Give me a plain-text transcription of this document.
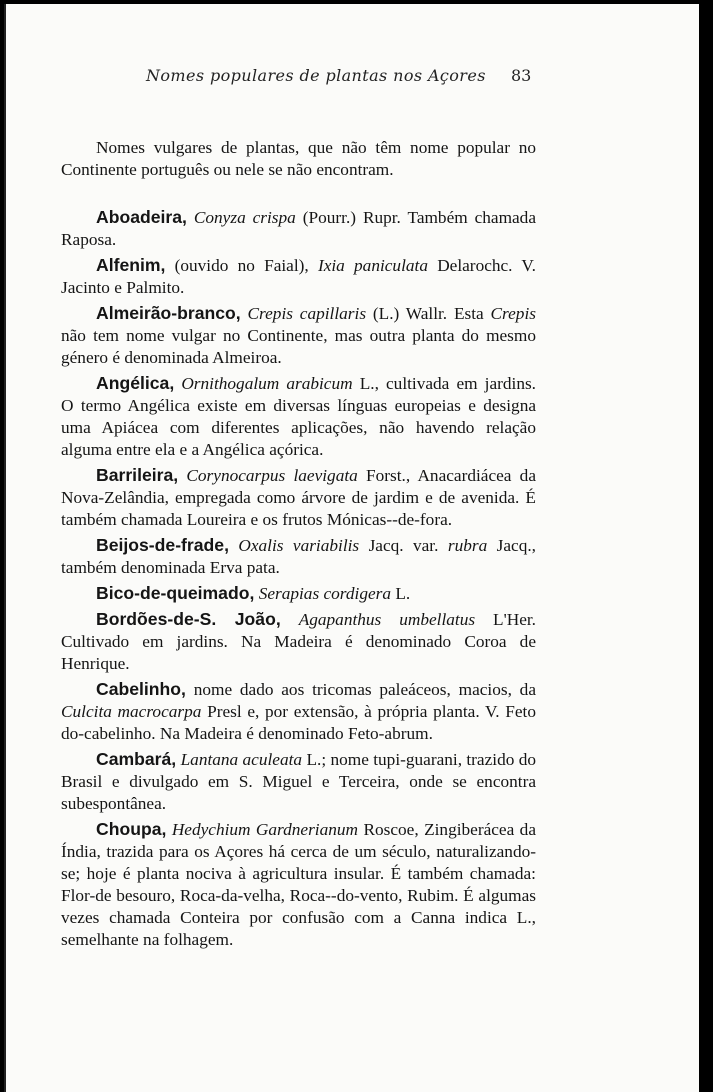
Nomes populares de plantas nos Açores	83

Nomes vulgares de plantas, que não têm nome popular no Continente português ou nele se não encontram.

Aboadeira, Conyza crispa (Pourr.) Rupr. Também chamada Raposa.

Alfenim, (ouvido no Faial), Ixia paniculata Delarochc. V. Jacinto e Palmito.

Almeirão-branco, Crepis capillaris (L.) Wallr. Esta Crepis não tem nome vulgar no Continente, mas outra planta do mesmo género é denominada Almeiroa.

Angélica, Ornithogalum arabicum L., cultivada em jardins. O termo Angélica existe em diversas línguas europeias e designa uma Apiácea com diferentes aplicações, não havendo relação alguma entre ela e a Angélica açórica.

Barrileira, Corynocarpus laevigata Forst., Anacardiácea da Nova-Zelândia, empregada como árvore de jardim e de avenida. É também chamada Loureira e os frutos Mónicas--de-fora.

Beijos-de-frade, Oxalis variabilis Jacq. var. rubra Jacq., também denominada Erva pata.

Bico-de-queimado, Serapias cordigera L.

Bordões-de-S. João, Agapanthus umbellatus L'Her. Cultivado em jardins. Na Madeira é denominado Coroa de Henrique.

Cabelinho, nome dado aos tricomas paleáceos, macios, da Culcita macrocarpa Presl e, por extensão, à própria planta. V. Feto do-cabelinho. Na Madeira é denominado Feto-abrum.

Cambará, Lantana aculeata L.; nome tupi-guarani, trazido do Brasil e divulgado em S. Miguel e Terceira, onde se encontra subespontânea.

Choupa, Hedychium Gardnerianum Roscoe, Zingiberácea da Índia, trazida para os Açores há cerca de um século, naturalizando-se; hoje é planta nociva à agricultura insular. É também chamada: Flor-de besouro, Roca-da-velha, Roca--do-vento, Rubim. É algumas vezes chamada Conteira por confusão com a Canna indica L., semelhante na folhagem.
